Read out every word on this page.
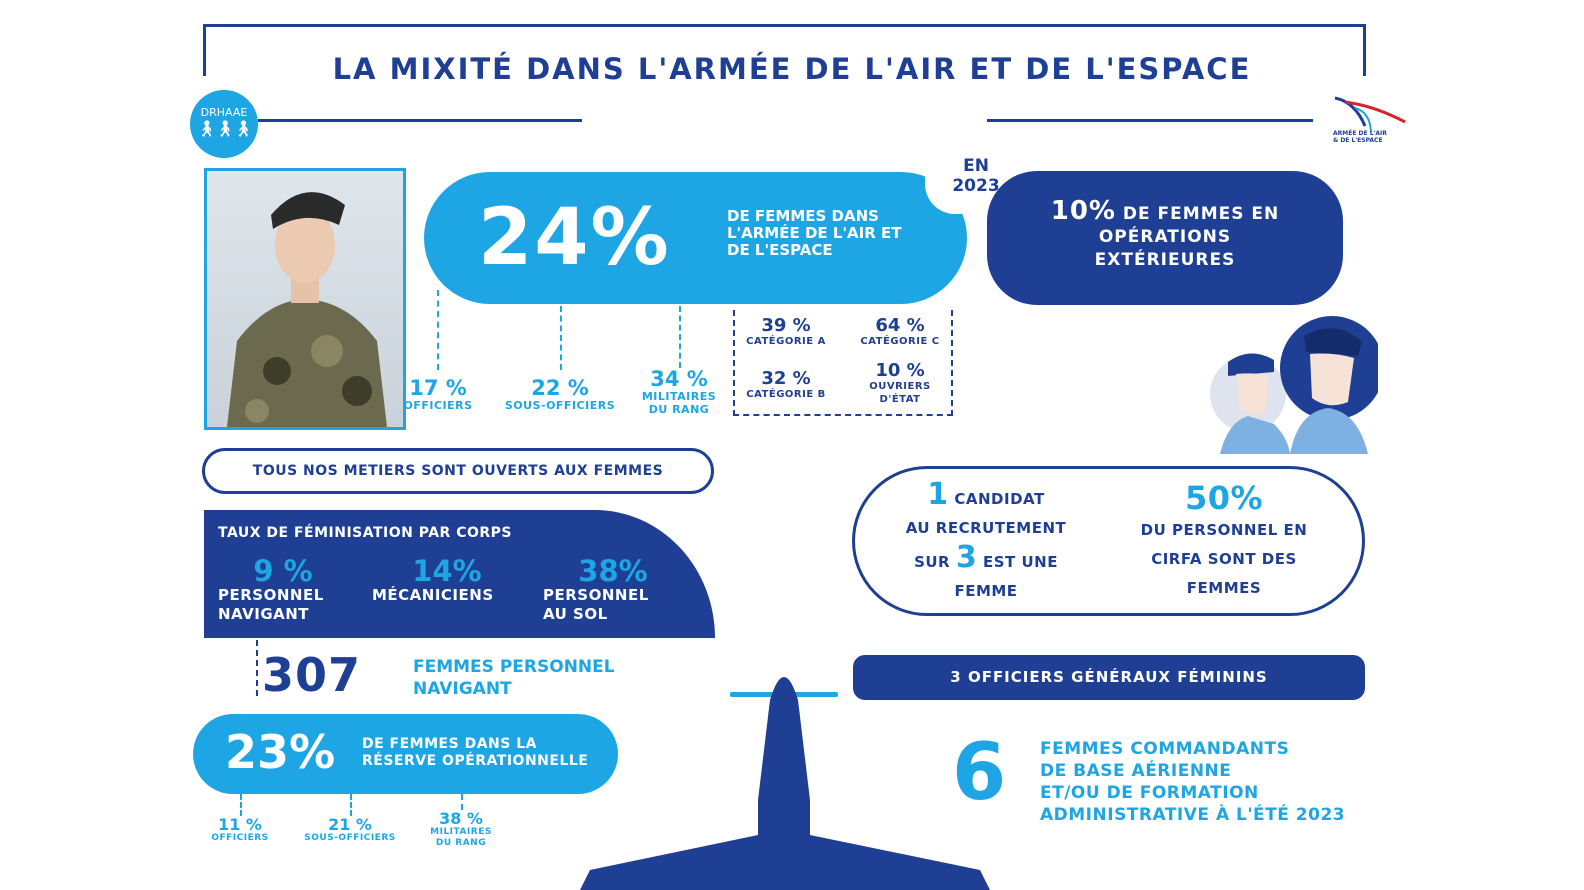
LA MIXITÉ DANS L'ARMÉE DE L'AIR ET DE L'ESPACE
DRHAAE
🚶︎🚶︎🚶︎	ARMÉE DE L'AIR
& DE L'ESPACE
24%	DE FEMMES DANS L'ARMÉE DE L'AIR ET DE L'ESPACE
EN
2023
17 %
OFFICIERS
22 %
SOUS-OFFICIERS
34 %
MILITAIRES
DU RANG
39 %
CATÉGORIE A
64 %
CATÉGORIE C
32 %
CATÉGORIE B
10 %
OUVRIERS
D'ÉTAT
10% DE FEMMES EN
OPÉRATIONS
EXTÉRIEURES
TOUS NOS METIERS SONT OUVERTS AUX FEMMES
TAUX DE FÉMINISATION PAR CORPS
9 %
PERSONNEL
NAVIGANT
14%
MÉCANICIENS
38%
PERSONNEL
AU SOL
307	FEMMES PERSONNEL
NAVIGANT
23% DE FEMMES DANS LA
RÉSERVE OPÉRATIONNELLE
11 %
OFFICIERS
21 %
SOUS-OFFICIERS
38 %
MILITAIRES
DU RANG
1 CANDIDAT
AU RECRUTEMENT
SUR 3 EST UNE
FEMME
50%
DU PERSONNEL EN
CIRFA SONT DES
FEMMES
3 OFFICIERS GÉNÉRAUX FÉMININS
6 FEMMES COMMANDANTS
DE BASE AÉRIENNE
ET/OU DE FORMATION
ADMINISTRATIVE À L'ÉTÉ 2023
